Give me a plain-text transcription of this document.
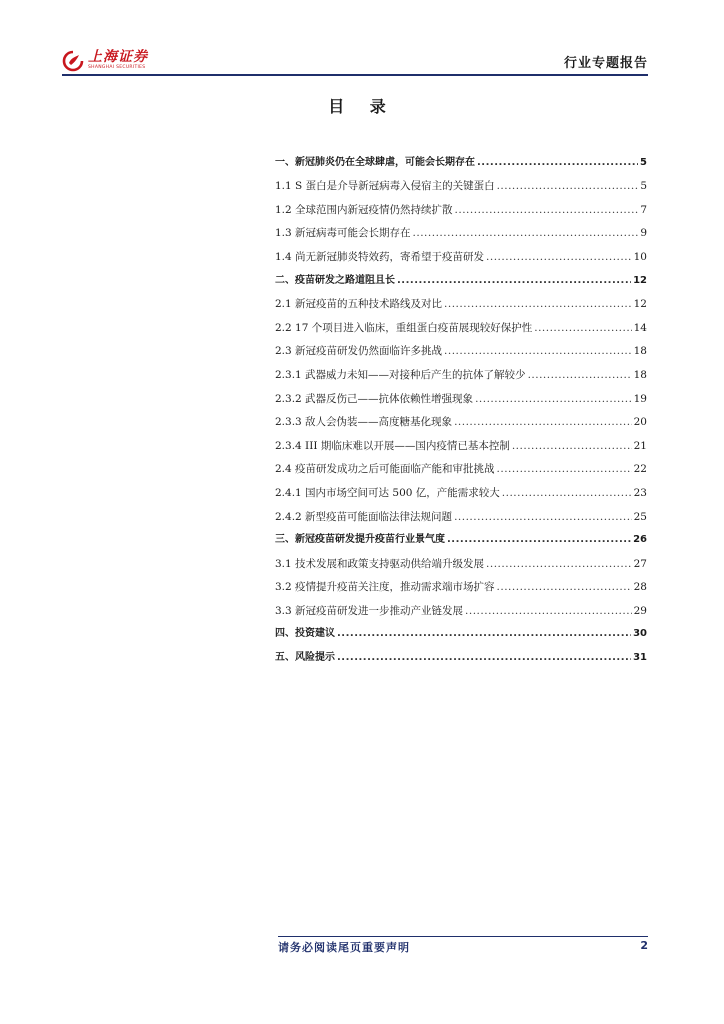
上海证券
SHANGHAI SECURITIES	行业专题报告
目 录
一、新冠肺炎仍在全球肆虐，可能会长期存在 .....	5
1.1 S 蛋白是介导新冠病毒入侵宿主的关键蛋白 .....	5
1.2 全球范围内新冠疫情仍然持续扩散 .....	7
1.3 新冠病毒可能会长期存在 .....	9
1.4 尚无新冠肺炎特效药，寄希望于疫苗研发 .....	10
二、疫苗研发之路道阻且长 .....	12
2.1 新冠疫苗的五种技术路线及对比 .....	12
2.2 17 个项目进入临床，重组蛋白疫苗展现较好保护性 .....	14
2.3 新冠疫苗研发仍然面临许多挑战 .....	18
2.3.1 武器威力未知——对接种后产生的抗体了解较少 .....	18
2.3.2 武器反伤己——抗体依赖性增强现象 .....	19
2.3.3 敌人会伪装——高度糖基化现象 .....	20
2.3.4 III 期临床难以开展——国内疫情已基本控制 .....	21
2.4 疫苗研发成功之后可能面临产能和审批挑战 .....	22
2.4.1 国内市场空间可达 500 亿，产能需求较大 .....	23
2.4.2 新型疫苗可能面临法律法规问题 .....	25
三、新冠疫苗研发提升疫苗行业景气度 .....	26
3.1 技术发展和政策支持驱动供给端升级发展 .....	27
3.2 疫情提升疫苗关注度，推动需求端市场扩容 .....	28
3.3 新冠疫苗研发进一步推动产业链发展 .....	29
四、投资建议 .....	30
五、风险提示 .....	31
请务必阅读尾页重要声明	2
